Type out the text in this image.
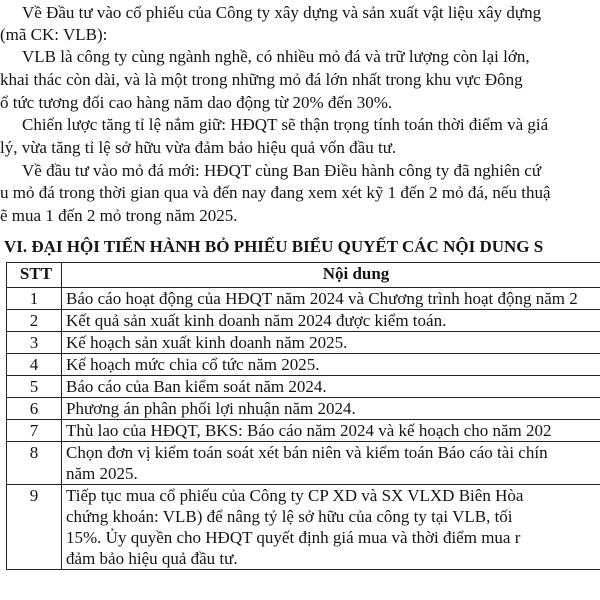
Về Đầu tư vào cổ phiếu của Công ty xây dựng và sản xuất vật liệu xây dựng
(mã CK: VLB):
VLB là công ty cùng ngành nghề, có nhiều mỏ đá và trữ lượng còn lại lớn,
khai thác còn dài, và là một trong những mỏ đá lớn nhất trong khu vực Đông
ổ tức tương đối cao hàng năm dao động từ 20% đến 30%.
Chiến lược tăng tỉ lệ nắm giữ: HĐQT sẽ thận trọng tính toán thời điểm và giá
lý, vừa tăng tỉ lệ sở hữu vừa đảm bảo hiệu quả vốn đầu tư.
Về đầu tư vào mỏ đá mới: HĐQT cùng Ban Điều hành công ty đã nghiên cứ
u mỏ đá trong thời gian qua và đến nay đang xem xét kỹ 1 đến 2 mỏ đá, nếu thuậ
ẽ mua 1 đến 2 mỏ trong năm 2025.
VI. ĐẠI HỘI TIẾN HÀNH BỎ PHIẾU BIỂU QUYẾT CÁC NỘI DUNG S
STT	Nội dung
1	Báo cáo hoạt động của HĐQT năm 2024 và Chương trình hoạt động năm 2

2	Kết quả sản xuất kinh doanh năm 2024 được kiểm toán.

3	Kế hoạch sản xuất kinh doanh năm 2025.

4	Kế hoạch mức chia cổ tức năm 2025.

5	Báo cáo của Ban kiểm soát năm 2024.

6	Phương án phân phối lợi nhuận năm 2024.

7	Thù lao của HĐQT, BKS: Báo cáo năm 2024 và kế hoạch cho năm 202

8	Chọn đơn vị kiểm toán soát xét bán niên và kiểm toán Báo cáo tài chín
năm 2025.

9	Tiếp tục mua cổ phiếu của Công ty CP XD và SX VLXD Biên Hòa
chứng khoán: VLB) để nâng tỷ lệ sở hữu của công ty tại VLB, tối
15%. Ủy quyền cho HĐQT quyết định giá mua và thời điểm mua r
đảm bảo hiệu quả đầu tư.
